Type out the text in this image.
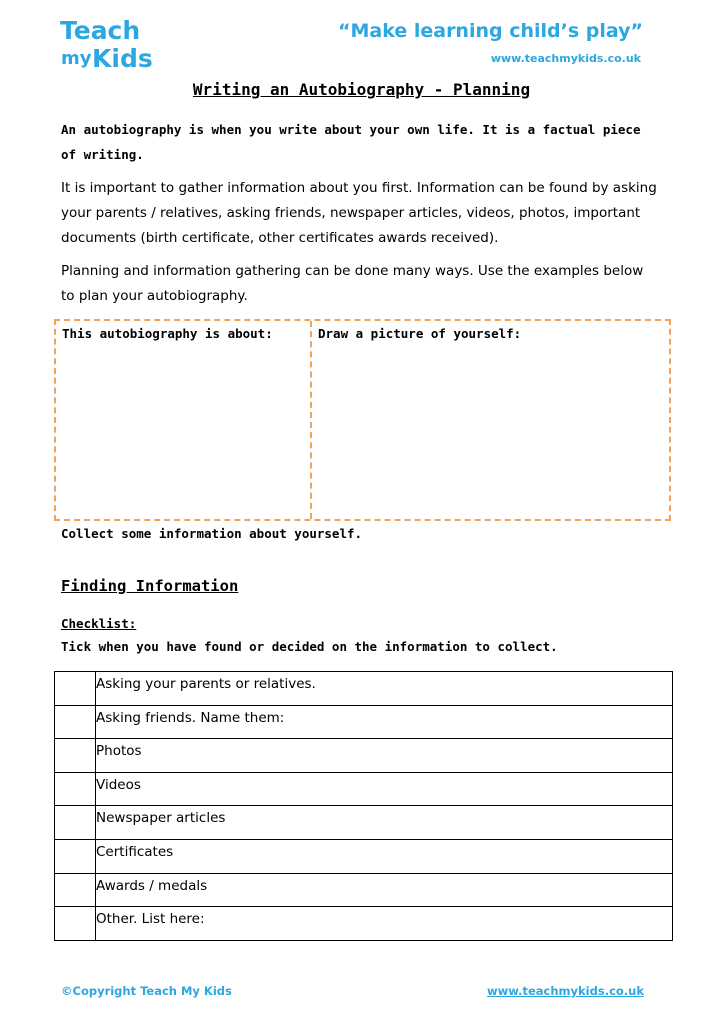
Teach
my Kids
“Make learning child’s play”
www.teachmykids.co.uk
Writing an Autobiography - Planning
An autobiography is when you write about your own life. It is a factual piece of writing.
It is important to gather information about you first. Information can be found by asking your parents / relatives, asking friends, newspaper articles, videos, photos, important documents (birth certificate, other certificates awards received).
Planning and information gathering can be done many ways. Use the examples below to plan your autobiography.
This autobiography is about:	Draw a picture of yourself:
Collect some information about yourself.
Finding Information
Checklist:
Tick when you have found or decided on the information to collect.
	Asking your parents or relatives.
	Asking friends. Name them:
	Photos
	Videos
	Newspaper articles
	Certificates
	Awards / medals
	Other. List here:
©Copyright Teach My Kids	www.teachmykids.co.uk
